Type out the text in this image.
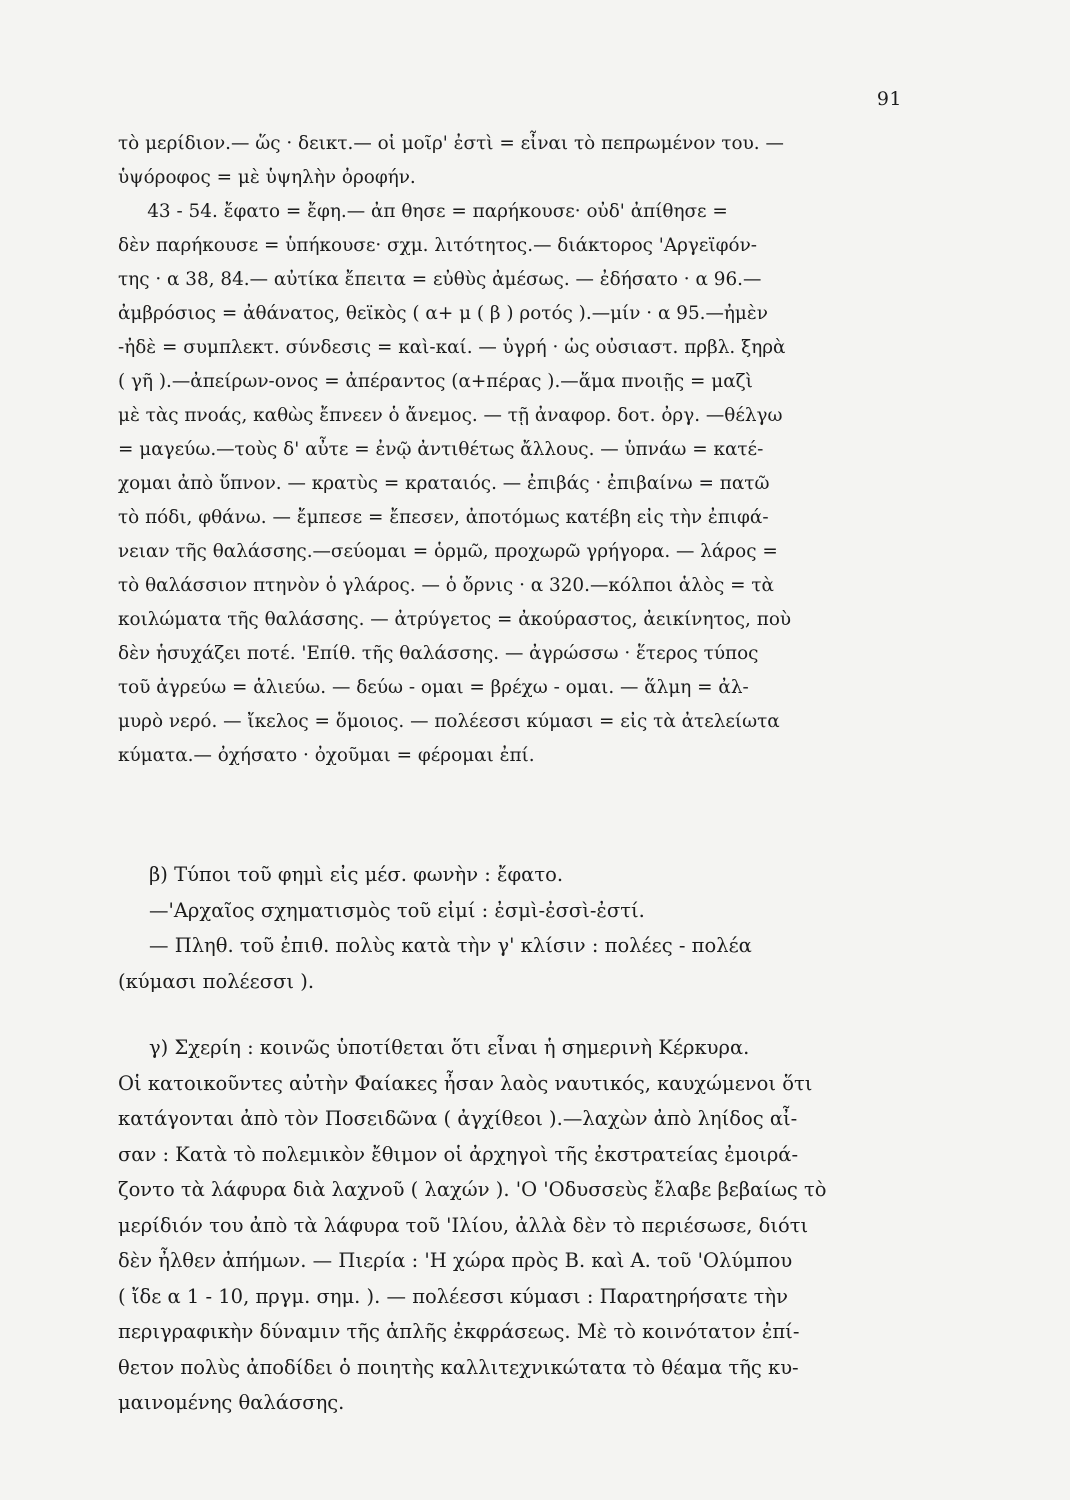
91
τὸ μερίδιον.— ὥς · δεικτ.— οἱ μοῖρ' ἐστὶ = εἶναι τὸ πεπρωμένον του. —
ὑψόροφος = μὲ ὑψηλὴν ὀροφήν.
43 - 54. ἔφατο = ἔφη.— ἀπ θησε = παρήκουσε· οὐδ' ἀπίθησε =
δὲν παρήκουσε = ὑπήκουσε· σχμ. λιτότητος.— διάκτορος 'Αργεϊφόν-
της · α 38, 84.— αὐτίκα ἔπειτα = εὐθὺς ἀμέσως. — ἐδήσατο · α 96.—
ἀμβρόσιος = ἀθάνατος, θεϊκὸς ( α+ μ ( β ) ροτός ).—μίν · α 95.—ἠμὲν
-ἠδὲ = συμπλεκτ. σύνδεσις = καὶ-καί. — ὑγρή · ὡς οὐσιαστ. πρβλ. ξηρὰ
( γῆ ).—ἀπείρων-ονος = ἀπέραντος (α+πέρας ).—ἅμα πνοιῇς = μαζὶ
μὲ τὰς πνοάς, καθὼς ἔπνεεν ὁ ἄνεμος. — τῇ ἀναφορ. δοτ. ὀργ. —θέλγω
= μαγεύω.—τοὺς δ' αὖτε = ἐνῷ ἀντιθέτως ἄλλους. — ὑπνάω = κατέ-
χομαι ἀπὸ ὕπνον. — κρατὺς = κραταιός. — ἐπιβάς · ἐπιβαίνω = πατῶ
τὸ πόδι, φθάνω. — ἔμπεσε = ἔπεσεν, ἀποτόμως κατέβη εἰς τὴν ἐπιφά-
νειαν τῆς θαλάσσης.—σεύομαι = ὁρμῶ, προχωρῶ γρήγορα. — λάρος =
τὸ θαλάσσιον πτηνὸν ὁ γλάρος. — ὁ ὄρνις · α 320.—κόλποι ἁλὸς = τὰ
κοιλώματα τῆς θαλάσσης. — ἀτρύγετος = ἀκούραστος, ἀεικίνητος, ποὺ
δὲν ἡσυχάζει ποτέ. 'Επίθ. τῆς θαλάσσης. — ἀγρώσσω · ἕτερος τύπος
τοῦ ἀγρεύω = ἁλιεύω. — δεύω - ομαι = βρέχω - ομαι. — ἅλμη = ἀλ-
μυρὸ νερό. — ἴκελος = ὅμοιος. — πολέεσσι κύμασι = εἰς τὰ ἀτελείωτα
κύματα.— ὀχήσατο · ὀχοῦμαι = φέρομαι ἐπί.
β) Τύποι τοῦ φημὶ εἰς μέσ. φωνὴν : ἔφατο.
—'Αρχαῖος σχηματισμὸς τοῦ εἰμί : ἐσμὶ-ἐσσὶ-ἐστί.
— Πληθ. τοῦ ἐπιθ. πολὺς κατὰ τὴν γ' κλίσιν : πολέες - πολέα
(κύμασι πολέεσσι ).
γ) Σχερίη : κοινῶς ὑποτίθεται ὅτι εἶναι ἡ σημερινὴ Κέρκυρα.
Οἱ κατοικοῦντες αὐτὴν Φαίακες ἦσαν λαὸς ναυτικός, καυχώμενοι ὅτι
κατάγονται ἀπὸ τὸν Ποσειδῶνα ( ἀγχίθεοι ).—λαχὼν ἀπὸ ληίδος αἶ-
σαν : Κατὰ τὸ πολεμικὸν ἔθιμον οἱ ἀρχηγοὶ τῆς ἐκστρατείας ἐμοιρά-
ζοντο τὰ λάφυρα διὰ λαχνοῦ ( λαχών ). 'Ο 'Οδυσσεὺς ἔλαβε βεβαίως τὸ
μερίδιόν του ἀπὸ τὰ λάφυρα τοῦ 'Ιλίου, ἀλλὰ δὲν τὸ περιέσωσε, διότι
δὲν ἦλθεν ἀπήμων. — Πιερία : 'Η χώρα πρὸς Β. καὶ Α. τοῦ 'Ολύμπου
( ἴδε α 1 - 10, πργμ. σημ. ). — πολέεσσι κύμασι : Παρατηρήσατε τὴν
περιγραφικὴν δύναμιν τῆς ἁπλῆς ἐκφράσεως. Μὲ τὸ κοινότατον ἐπί-
θετον πολὺς ἀποδίδει ὁ ποιητὴς καλλιτεχνικώτατα τὸ θέαμα τῆς κυ-
μαινομένης θαλάσσης.
